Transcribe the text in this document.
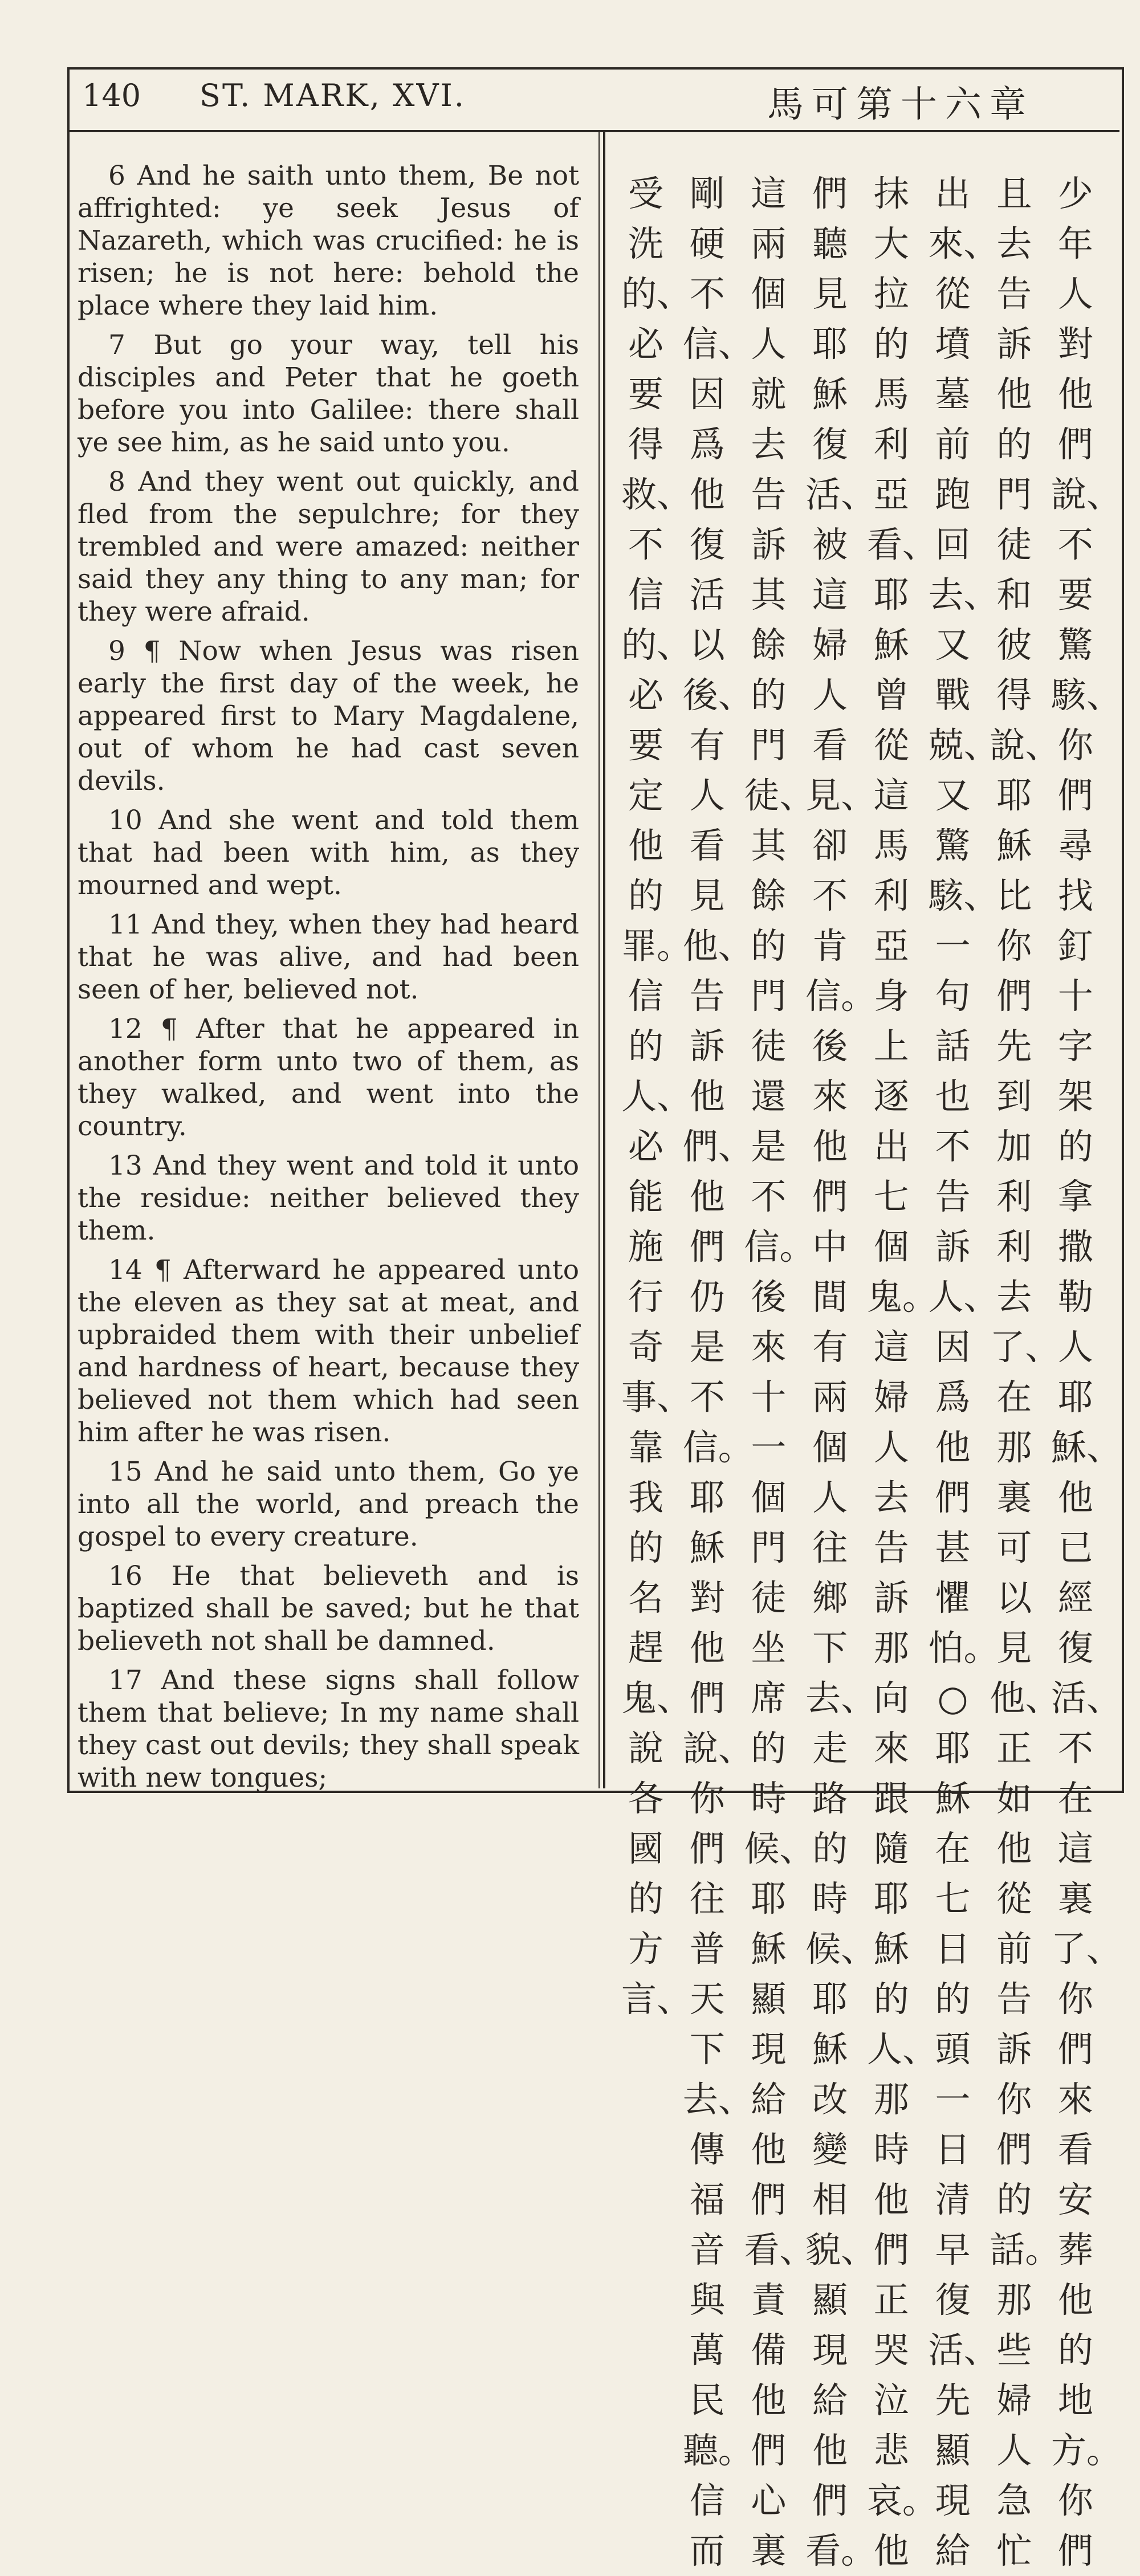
140 ST. MARK, XVI.	馬可第十六章

6 And he saith unto them, Be not affrighted: ye seek Jesus of Nazareth, which was crucified: he is risen; he is not here: behold the place where they laid him.

7 But go your way, tell his disciples and Peter that he goeth before you into Galilee: there shall ye see him, as he said unto you.

8 And they went out quickly, and fled from the sepulchre; for they trembled and were amazed: neither said they any thing to any man; for they were afraid.

9 ¶ Now when Jesus was risen early the first day of the week, he appeared first to Mary Magdalene, out of whom he had cast seven devils.

10 And she went and told them that had been with him, as they mourned and wept.

11 And they, when they had heard that he was alive, and had been seen of her, believed not.

12 ¶ After that he appeared in another form unto two of them, as they walked, and went into the country.

13 And they went and told it unto the residue: neither believed they them.

14 ¶ Afterward he appeared unto the eleven as they sat at meat, and upbraided them with their unbelief and hardness of heart, because they believed not them which had seen him after he was risen.

15 And he said unto them, Go ye into all the world, and preach the gospel to every creature.

16 He that believeth and is baptized shall be saved; but he that believeth not shall be damned.

17 And these signs shall follow them that believe; In my name shall they cast out devils; they shall speak with new tongues;

少年人對他們說、不要驚駭、你們尋找釘十字架的拿撒勒人耶穌、他已經復活、不在這裏了、你們來看安葬他的地方。你們
且去告訴他的門徒和彼得說、耶穌比你們先到加利利去了、在那裏可以見他、正如他從前告訴你們的話。那些婦人急忙
出來、從墳墓前跑回去、又戰兢、又驚駭、一句話也不告訴人、因爲他們甚懼怕。○耶穌在七日的頭一日清早復活、先顯現給
抹大拉的馬利亞看、耶穌曾從這馬利亞身上逐出七個鬼。這婦人去告訴那向來跟隨耶穌的人、那時他們正哭泣悲哀。他
們聽見耶穌復活、被這婦人看見、卻不肯信。後來他們中間有兩個人往鄉下去、走路的時候、耶穌改變相貌、顯現給他們看。
這兩個人就去告訴其餘的門徒、其餘的門徒還是不信。後來十一個門徒坐席的時候、耶穌顯現給他們看、責備他們心裏
剛硬不信、因爲他復活以後、有人看見他、告訴他們、他們仍是不信。耶穌對他們說、你們往普天下去、傳福音與萬民聽。信而
受洗的、必要得救、不信的、必要定他的罪。信的人、必能施行奇事、靠我的名趕鬼、說各國的方言、
